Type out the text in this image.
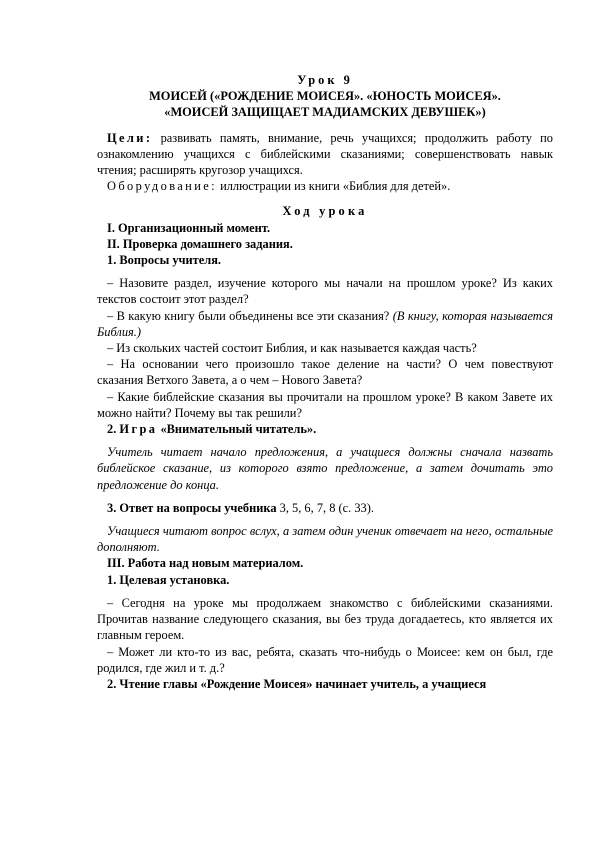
Урок 9

МОИСЕЙ («РОЖДЕНИЕ МОИСЕЯ». «ЮНОСТЬ МОИСЕЯ».

«МОИСЕЙ ЗАЩИЩАЕТ МАДИАМСКИХ ДЕВУШЕК»)

Цели: развивать память, внимание, речь учащихся; продолжить работу по ознакомлению учащихся с библейскими сказаниями; совершенствовать навык чтения; расширять кругозор учащихся.

Оборудование: иллюстрации из книги «Библия для детей».

Ход урока

I. Организационный момент.

II. Проверка домашнего задания.

1. Вопросы учителя.

– Назовите раздел, изучение которого мы начали на прошлом уроке? Из каких текстов состоит этот раздел?

– В какую книгу были объединены все эти сказания? (В книгу, которая называется Библия.)

– Из скольких частей состоит Библия, и как называется каждая часть?

– На основании чего произошло такое деление на части? О чем повествуют сказания Ветхого Завета, а о чем – Нового Завета?

– Какие библейские сказания вы прочитали на прошлом уроке? В каком Завете их можно найти? Почему вы так решили?

2. Игра «Внимательный читатель».

Учитель читает начало предложения, а учащиеся должны сначала назвать библейское сказание, из которого взято предложение, а затем дочитать это предложение до конца.

3. Ответ на вопросы учебника 3, 5, 6, 7, 8 (с. 33).

Учащиеся читают вопрос вслух, а затем один ученик отвечает на него, остальные дополняют.

III. Работа над новым материалом.

1. Целевая установка.

– Сегодня на уроке мы продолжаем знакомство с библейскими сказаниями. Прочитав название следующего сказания, вы без труда догадаетесь, кто является их главным героем.

– Может ли кто-то из вас, ребята, сказать что-нибудь о Моисее: кем он был, где родился, где жил и т. д.?

2. Чтение главы «Рождение Моисея» начинает учитель, а учащиеся
